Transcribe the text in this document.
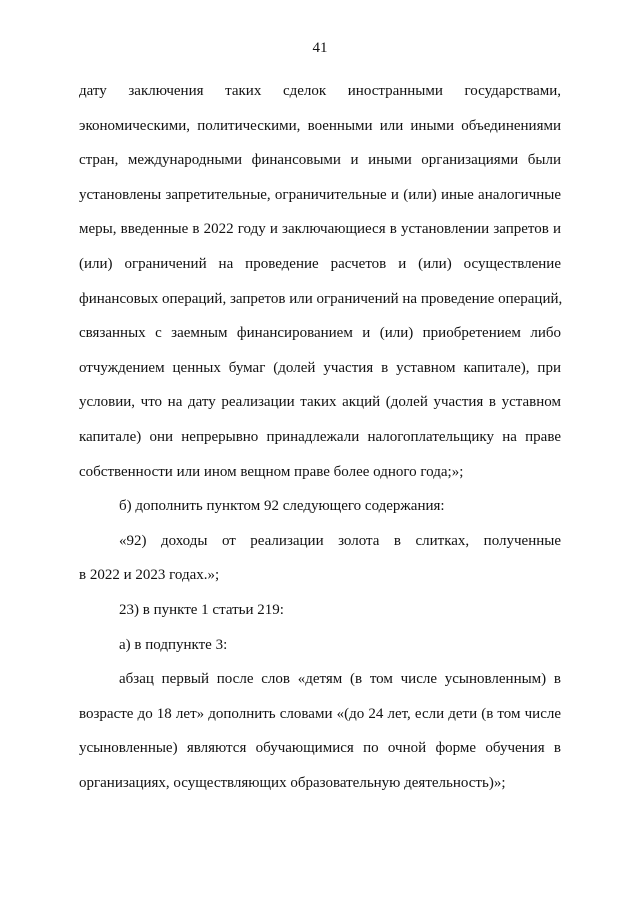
41
дату заключения таких сделок иностранными государствами,
экономическими, политическими, военными или иными объединениями
стран, международными финансовыми и иными организациями были
установлены запретительные, ограничительные и (или) иные аналогичные
меры, введенные в 2022 году и заключающиеся в установлении запретов и
(или) ограничений на проведение расчетов и (или) осуществление
финансовых операций, запретов или ограничений на проведение операций,
связанных с заемным финансированием и (или) приобретением либо
отчуждением ценных бумаг (долей участия в уставном капитале), при
условии, что на дату реализации таких акций (долей участия в уставном
капитале) они непрерывно принадлежали налогоплательщику на праве
собственности или ином вещном праве более одного года;»;
б) дополнить пунктом 92 следующего содержания:
«92) доходы от реализации золота в слитках, полученные
в 2022 и 2023 годах.»;
23) в пункте 1 статьи 219:
а) в подпункте 3:
абзац первый после слов «детям (в том числе усыновленным) в
возрасте до 18 лет» дополнить словами «(до 24 лет, если дети (в том числе
усыновленные) являются обучающимися по очной форме обучения в
организациях, осуществляющих образовательную деятельность)»;
